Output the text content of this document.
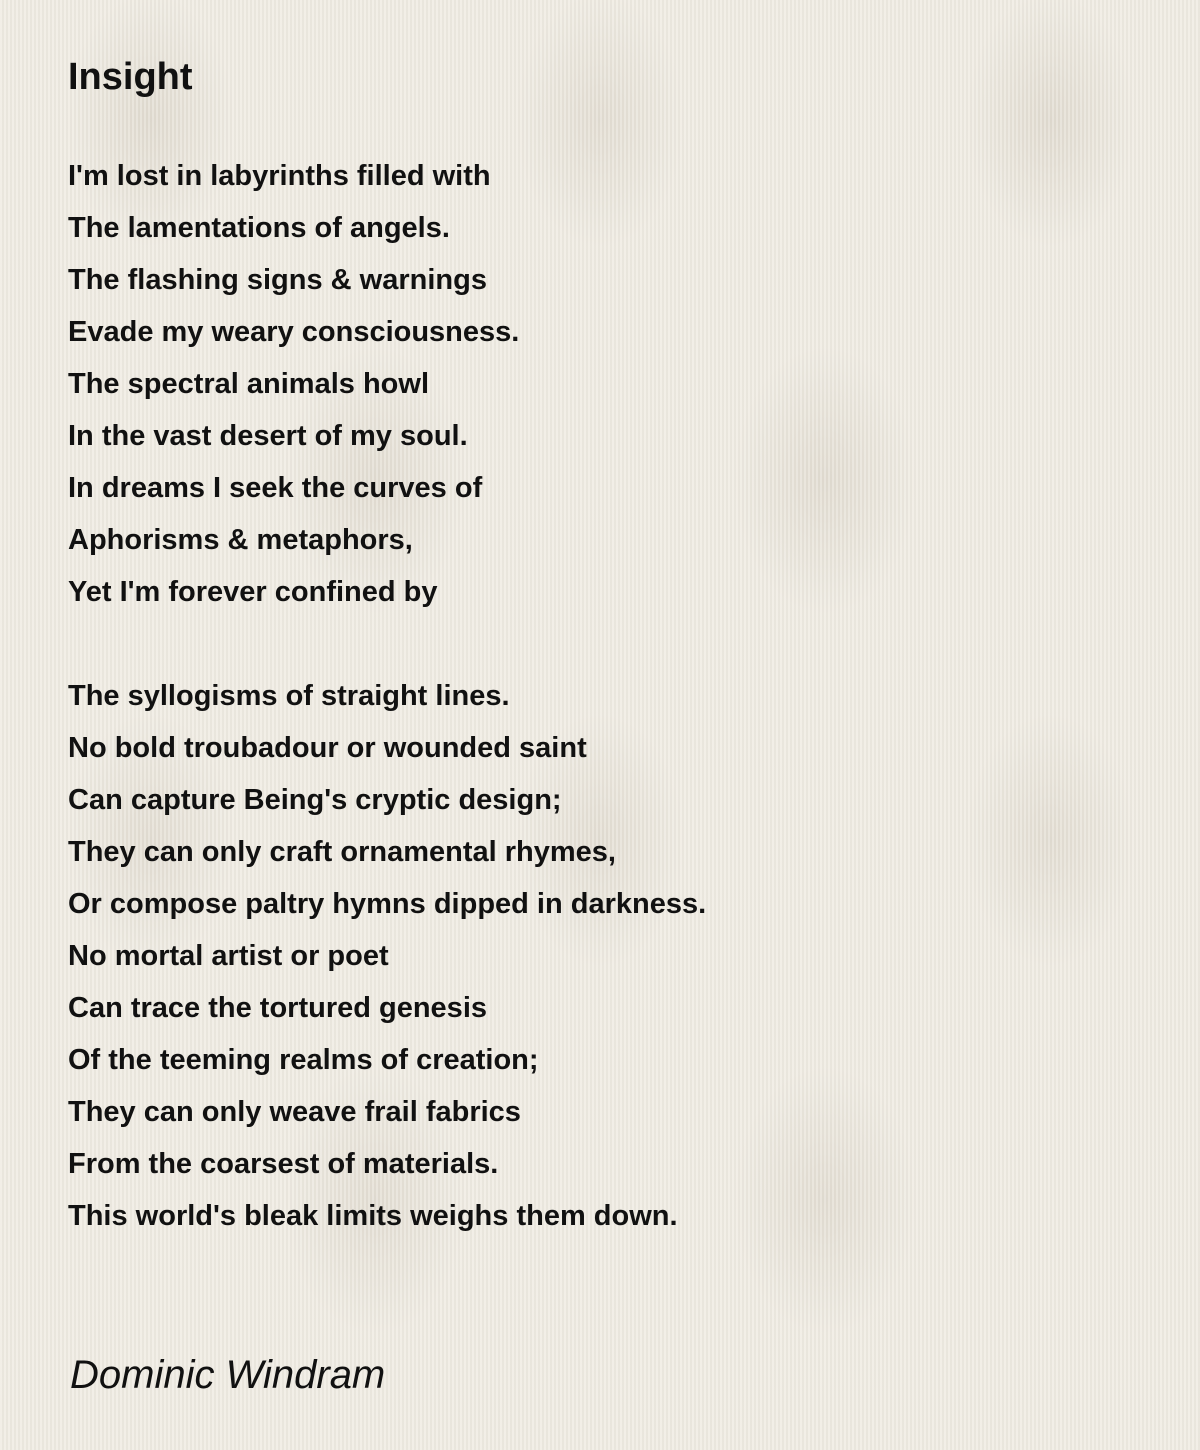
Insight
I'm lost in labyrinths filled with
The lamentations of angels.
The flashing signs & warnings
Evade my weary consciousness.
The spectral animals howl
In the vast desert of my soul.
In dreams I seek the curves of
Aphorisms & metaphors,
Yet I'm forever confined by
The syllogisms of straight lines.
No bold troubadour or wounded saint
Can capture Being's cryptic design;
They can only craft ornamental rhymes,
Or compose paltry hymns dipped in darkness.
No mortal artist or poet
Can trace the tortured genesis
Of the teeming realms of creation;
They can only weave frail fabrics
From the coarsest of materials.
This world's bleak limits weighs them down.

Dominic Windram
